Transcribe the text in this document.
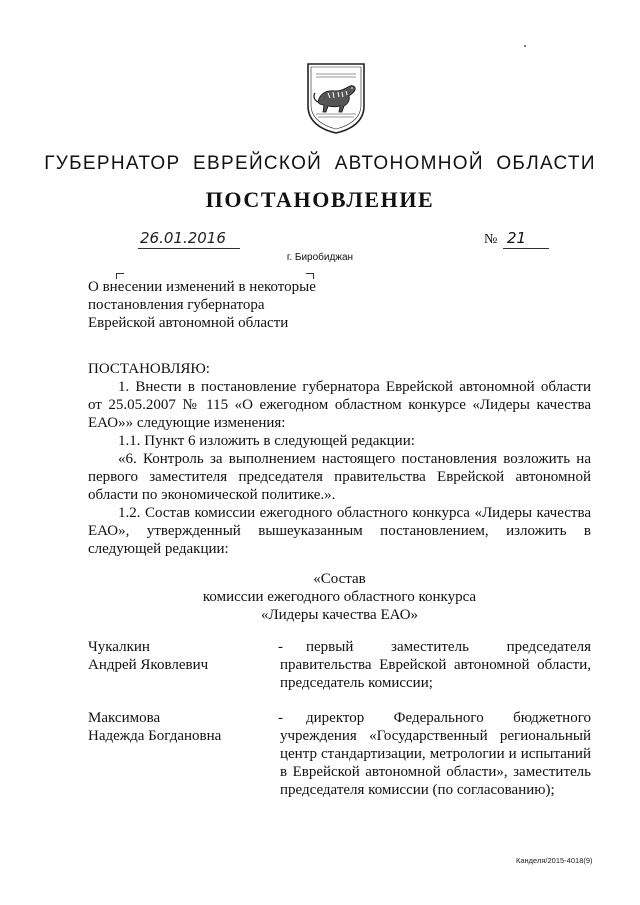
ГУБЕРНАТОР ЕВРЕЙСКОЙ АВТОНОМНОЙ ОБЛАСТИ
ПОСТАНОВЛЕНИЕ
26.01.2016	№ 21
г. Биробиджан
О внесении изменений в некоторые
постановления губернатора
Еврейской автономной области

ПОСТАНОВЛЯЮ:

1. Внести в постановление губернатора Еврейской автономной области от 25.05.2007 № 115 «О ежегодном областном конкурсе «Лидеры качества ЕАО»» следующие изменения:

1.1. Пункт 6 изложить в следующей редакции:

«6. Контроль за выполнением настоящего постановления возложить на первого заместителя председателя правительства Еврейской автономной области по экономической политике.».

1.2. Состав комиссии ежегодного областного конкурса «Лидеры качества ЕАО», утвержденный вышеуказанным постановлением, изложить в следующей редакции:

«Состав
комиссии ежегодного областного конкурса
«Лидеры качества ЕАО»
Чукалкин
Андрей Яковлевич
-	первый заместитель председателя правительства Еврейской автономной области, председатель комиссии;
Максимова
Надежда Богдановна
-	директор Федерального бюджетного учреждения «Государственный региональный центр стандартизации, метрологии и испытаний в Еврейской автономной области», заместитель председателя комиссии (по согласованию);
Канделя/2015-4018(9)
